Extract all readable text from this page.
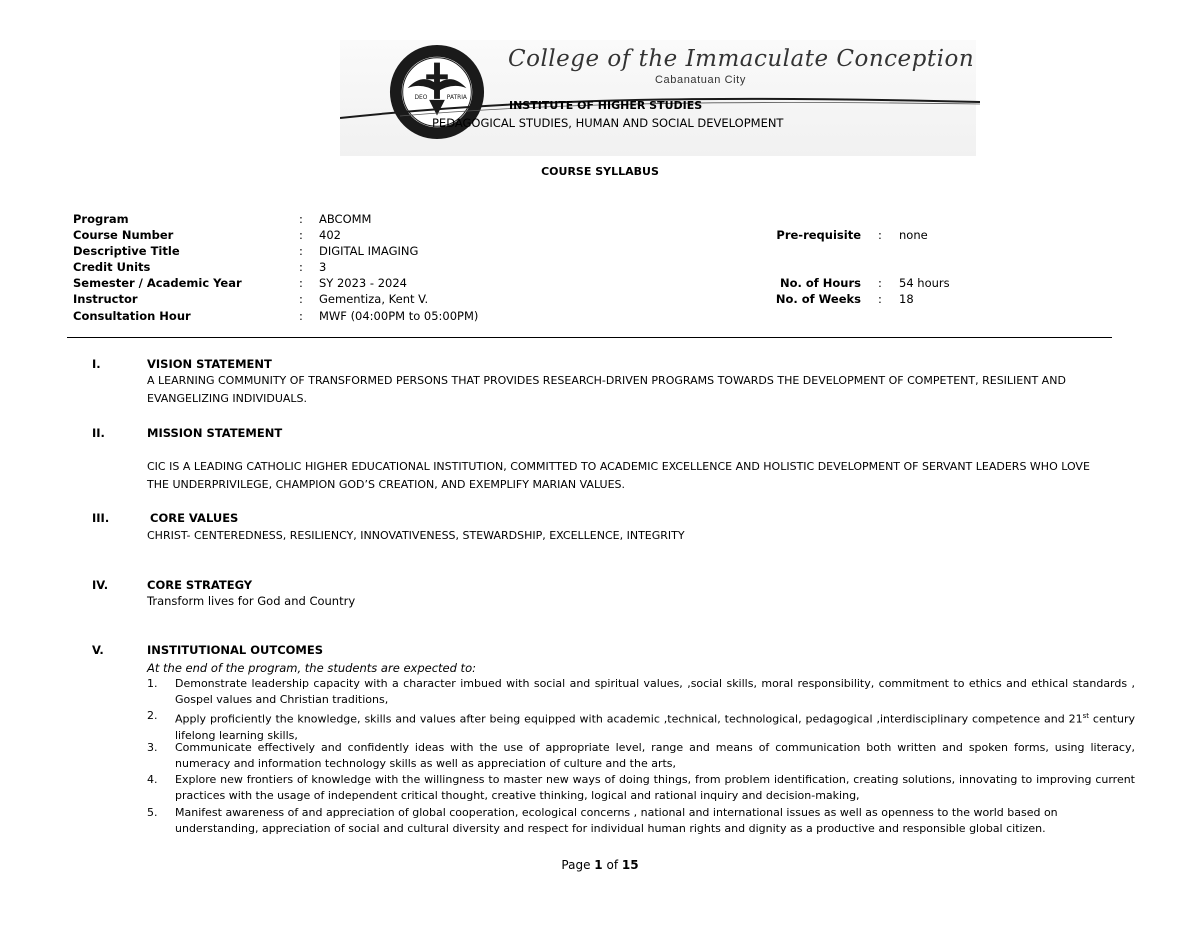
DEO	PATRIA
College of the Immaculate Conception
Cabanatuan City
INSTITUTE OF HIGHER STUDIES
PEDAGOGICAL STUDIES, HUMAN AND SOCIAL DEVELOPMENT
COURSE SYLLABUS
Program	: ABCOMM
Course Number	: 402
Descriptive Title	: DIGITAL IMAGING
Credit Units	: 3
Semester / Academic Year	: SY 2023 - 2024
Instructor	: Gementiza, Kent V.
Consultation Hour	: MWF (04:00PM to 05:00PM)
Pre-requisite : none
No. of Hours : 54 hours
No. of Weeks : 18
I.	VISION STATEMENT
A LEARNING COMMUNITY OF TRANSFORMED PERSONS THAT PROVIDES RESEARCH-DRIVEN PROGRAMS TOWARDS THE DEVELOPMENT OF COMPETENT, RESILIENT AND EVANGELIZING INDIVIDUALS.
II.	MISSION STATEMENT
CIC IS A LEADING CATHOLIC HIGHER EDUCATIONAL INSTITUTION, COMMITTED TO ACADEMIC EXCELLENCE AND HOLISTIC DEVELOPMENT OF SERVANT LEADERS WHO LOVE THE UNDERPRIVILEGE, CHAMPION GOD’S CREATION, AND EXEMPLIFY MARIAN VALUES.
III.	CORE VALUES
CHRIST- CENTEREDNESS, RESILIENCY, INNOVATIVENESS, STEWARDSHIP, EXCELLENCE, INTEGRITY
IV.	CORE STRATEGY
Transform lives for God and Country
V.	INSTITUTIONAL OUTCOMES
At the end of the program, the students are expected to:
1. Demonstrate leadership capacity with a character imbued with social and spiritual values, ,social skills, moral responsibility, commitment to ethics and ethical standards , Gospel values and Christian traditions,
2. Apply proficiently the knowledge, skills and values after being equipped with academic ,technical, technological, pedagogical ,interdisciplinary competence and 21st century lifelong learning skills,
3. Communicate effectively and confidently ideas with the use of appropriate level, range and means of communication both written and spoken forms, using literacy, numeracy and information technology skills as well as appreciation of culture and the arts,
4. Explore new frontiers of knowledge with the willingness to master new ways of doing things, from problem identification, creating solutions, innovating to improving current practices with the usage of independent critical thought, creative thinking, logical and rational inquiry and decision-making,
5. Manifest awareness of and appreciation of global cooperation, ecological concerns , national and international issues as well as openness to the world based on understanding, appreciation of social and cultural diversity and respect for individual human rights and dignity as a productive and responsible global citizen.
Page 1 of 15
